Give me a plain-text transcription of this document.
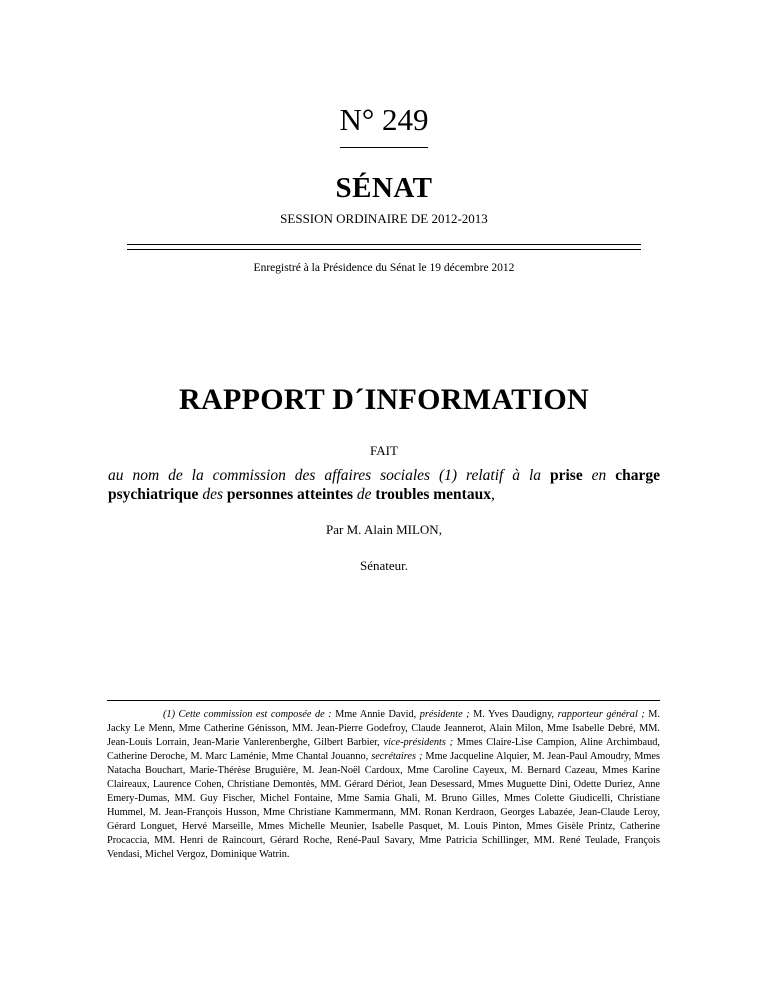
N° 249
SÉNAT
SESSION ORDINAIRE DE 2012-2013
Enregistré à la Présidence du Sénat le 19 décembre 2012
RAPPORT D´INFORMATION
FAIT
au nom de la commission des affaires sociales (1) relatif à la prise en charge psychiatrique des personnes atteintes de troubles mentaux,
Par M. Alain MILON,
Sénateur.
(1) Cette commission est composée de : Mme Annie David, présidente ; M. Yves Daudigny, rapporteur général ; M. Jacky Le Menn, Mme Catherine Génisson, MM. Jean-Pierre Godefroy, Claude Jeannerot, Alain Milon, Mme Isabelle Debré, MM. Jean-Louis Lorrain, Jean-Marie Vanlerenberghe, Gilbert Barbier, vice-présidents ; Mmes Claire-Lise Campion, Aline Archimbaud, Catherine Deroche, M. Marc Laménie, Mme Chantal Jouanno, secrétaires ; Mme Jacqueline Alquier, M. Jean-Paul Amoudry, Mmes Natacha Bouchart, Marie-Thérèse Bruguière, M. Jean-Noël Cardoux, Mme Caroline Cayeux, M. Bernard Cazeau, Mmes Karine Claireaux, Laurence Cohen, Christiane Demontès, MM. Gérard Dériot, Jean Desessard, Mmes Muguette Dini, Odette Duriez, Anne Emery-Dumas, MM. Guy Fischer, Michel Fontaine, Mme Samia Ghali, M. Bruno Gilles, Mmes Colette Giudicelli, Christiane Hummel, M. Jean-François Husson, Mme Christiane Kammermann, MM. Ronan Kerdraon, Georges Labazée, Jean-Claude Leroy, Gérard Longuet, Hervé Marseille, Mmes Michelle Meunier, Isabelle Pasquet, M. Louis Pinton, Mmes Gisèle Printz, Catherine Procaccia, MM. Henri de Raincourt, Gérard Roche, René-Paul Savary, Mme Patricia Schillinger, MM. René Teulade, François Vendasi, Michel Vergoz, Dominique Watrin.
